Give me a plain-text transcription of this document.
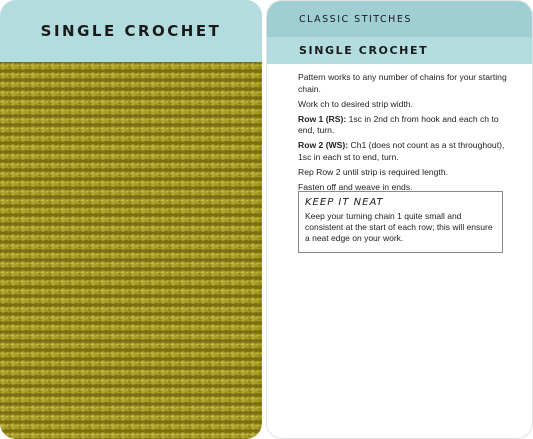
SINGLE CROCHET
CLASSIC STITCHES
SINGLE CROCHET

Pattern works to any number of chains for your starting chain.

Work ch to desired strip width.

Row 1 (RS): 1sc in 2nd ch from hook and each ch to end, turn.

Row 2 (WS): Ch1 (does not count as a st throughout), 1sc in each st to end, turn.

Rep Row 2 until strip is required length.

Fasten off and weave in ends.

KEEP IT NEAT
Keep your turning chain 1 quite small and consistent at the start of each row; this will ensure a neat edge on your work.
